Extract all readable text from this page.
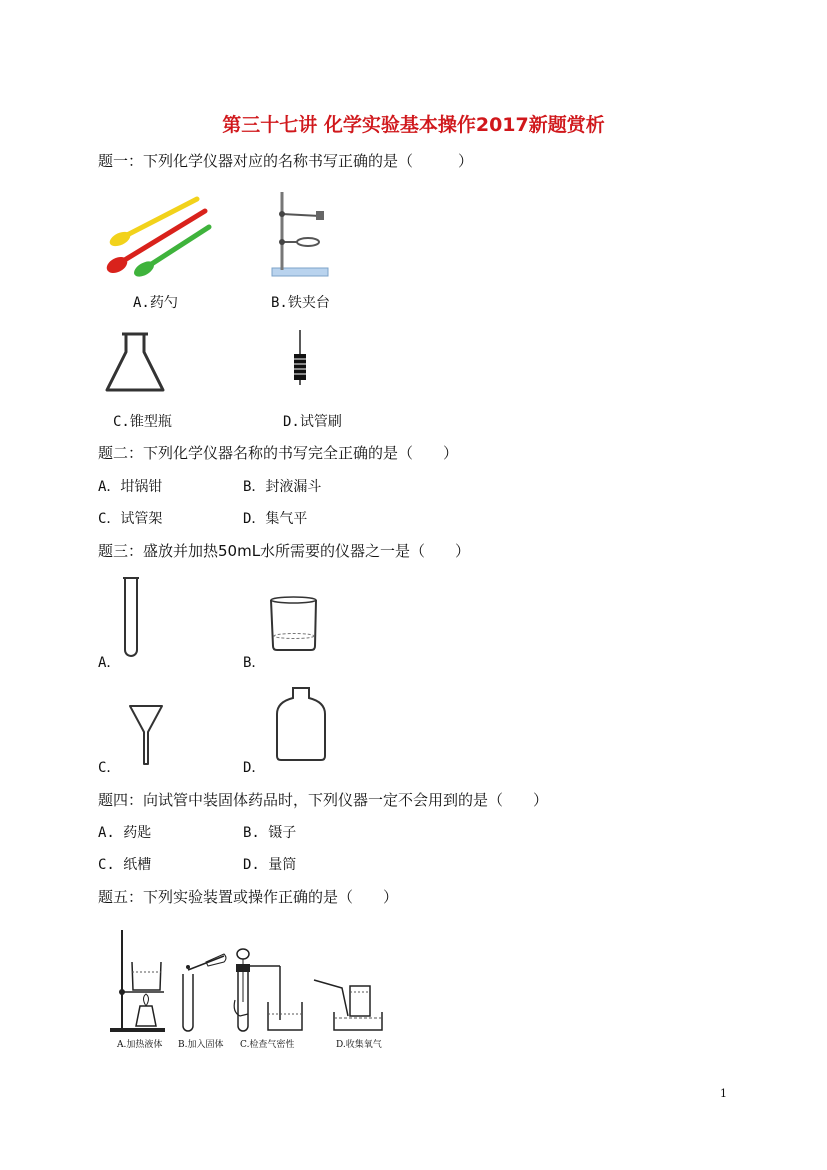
第三十七讲 化学实验基本操作2017新题赏析
题一：下列化学仪器对应的名称书写正确的是（　　　）
A.药勺	B.铁夹台
C.锥型瓶	D.试管刷
题二：下列化学仪器名称的书写完全正确的是（　　）
A．坩锅钳	B．封液漏斗
C．试管架	D．集气平
题三：盛放并加热50mL水所需要的仪器之一是（　　）
A．	B．
C．	D．
题四：向试管中装固体药品时，下列仪器一定不会用到的是（　　）
A. 药匙	B. 镊子
C. 纸槽	D. 量筒
题五：下列实验装置或操作正确的是（　　）
A.加热液体 B.加入固体 C.检查气密性	D.收集氧气
1
